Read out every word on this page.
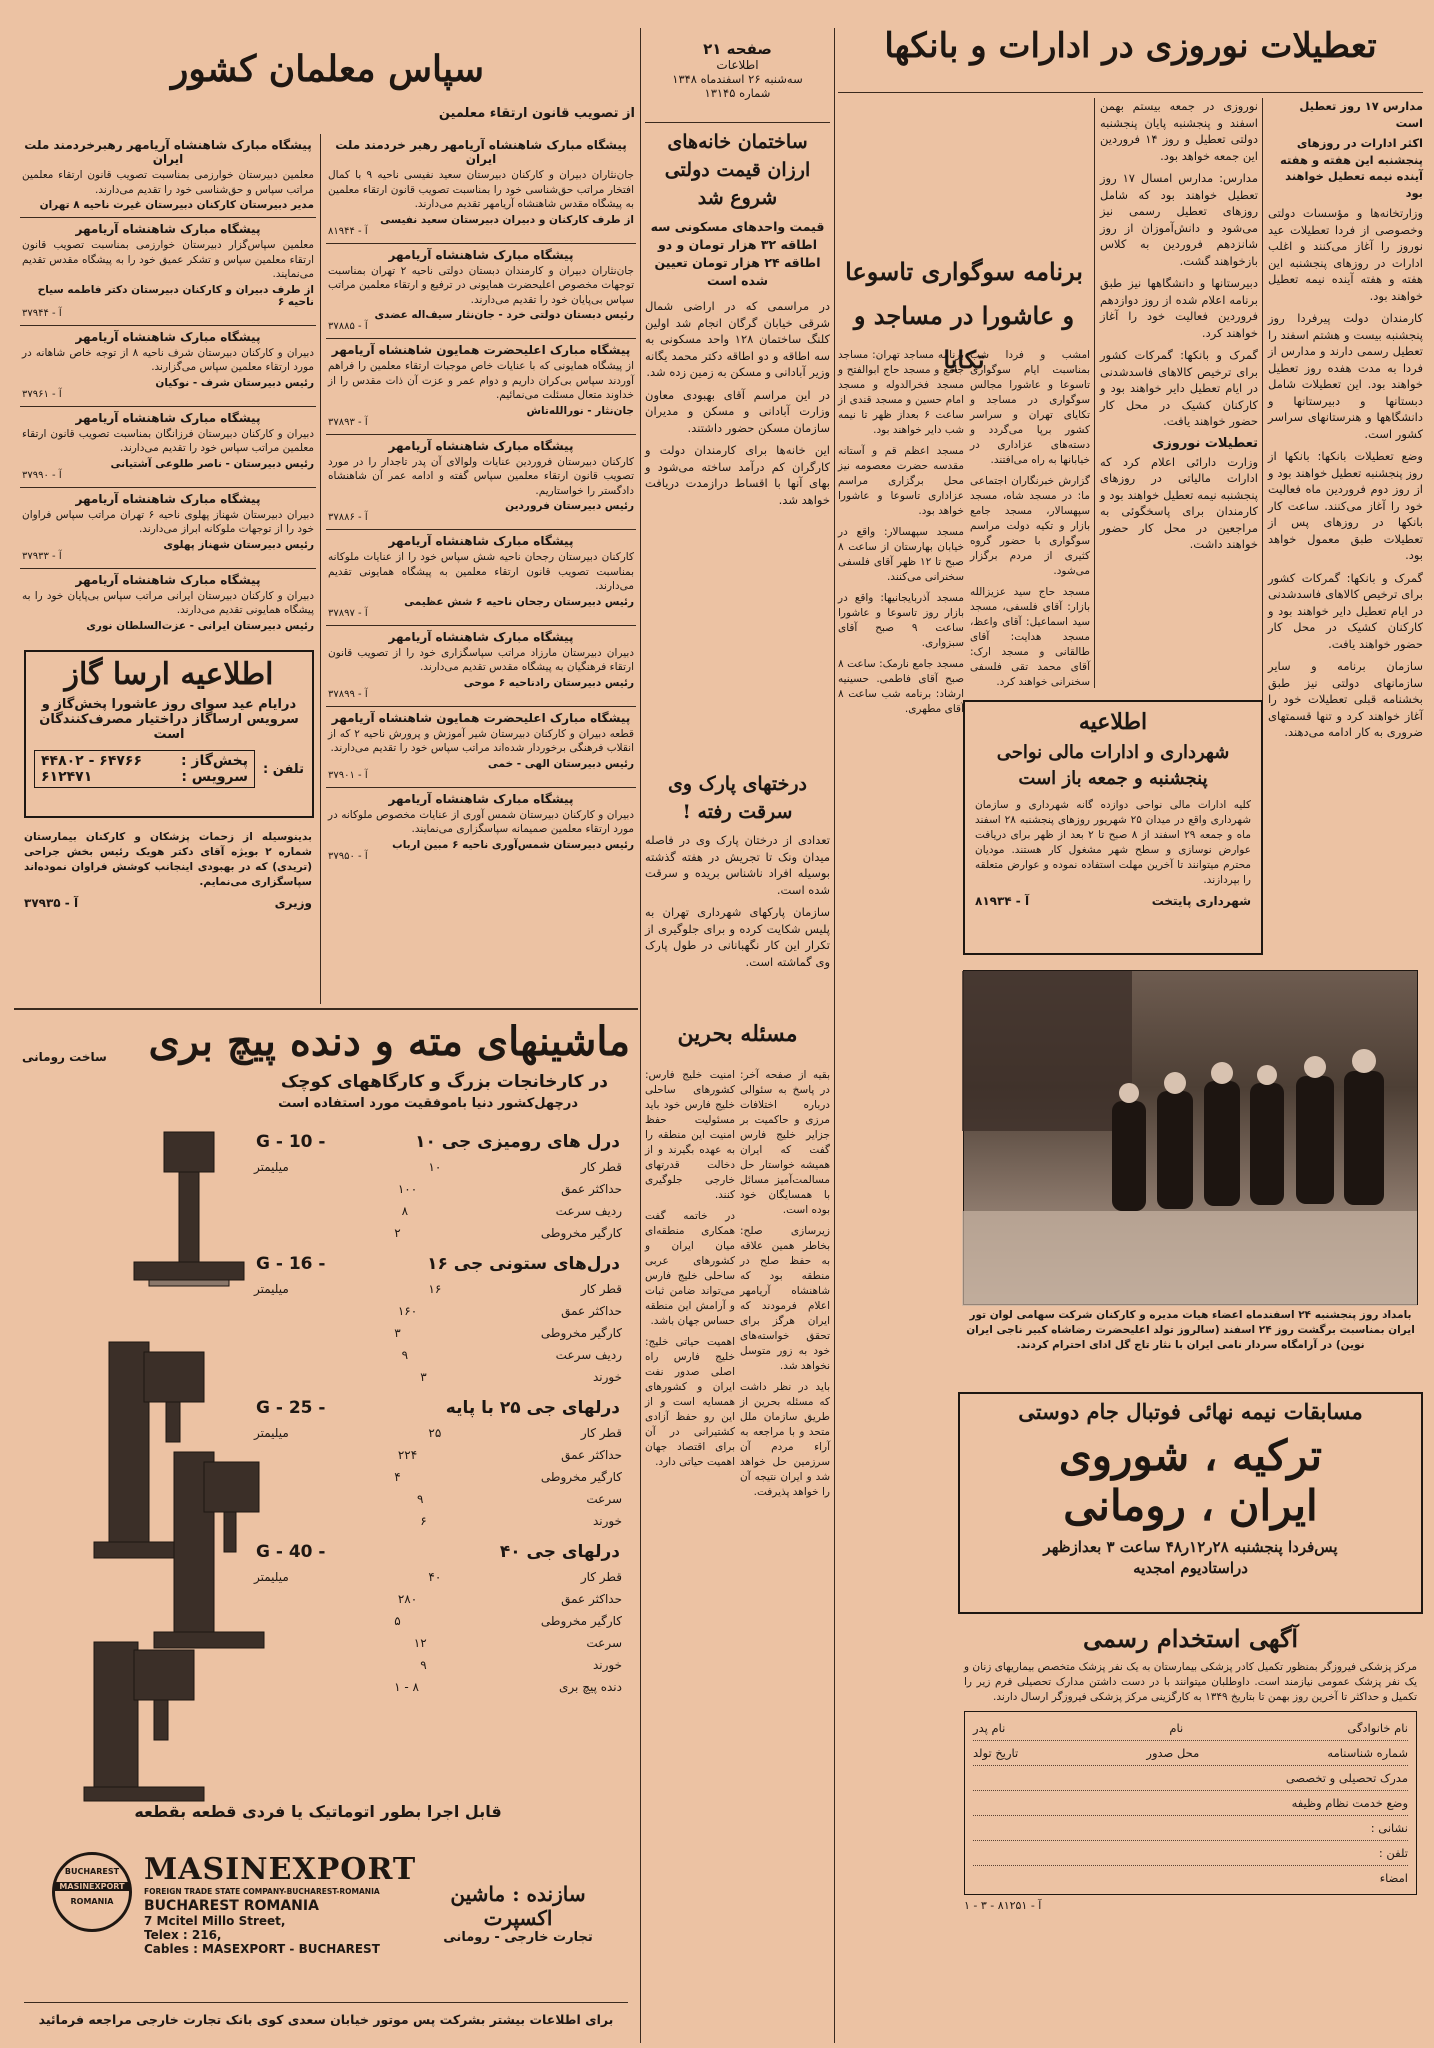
تعطیلات نوروزی در ادارات و بانکها
مدارس ۱۷ روز تعطیل است
اکثر ادارات در روزهای پنجشنبه این هفته و هفته آینده نیمه تعطیل خواهند بود

وزارتخانه‌ها و مؤسسات دولتی وخصوصی از فردا تعطیلات عید نوروز را آغاز می‌کنند و اغلب ادارات در روزهای پنجشنبه این هفته و هفته آینده نیمه تعطیل خواهند بود.

کارمندان دولت پیرفردا روز پنجشنبه بیست و هشتم اسفند را تعطیل رسمی دارند و مدارس از فردا به مدت هفده روز تعطیل خواهند بود. این تعطیلات شامل دبستانها و دبیرستانها و دانشگاهها و هنرستانهای سراسر کشور است.

وضع تعطیلات بانکها: بانکها از روز پنجشنبه تعطیل خواهند بود و از روز دوم فروردین ماه فعالیت خود را آغاز می‌کنند. ساعت کار بانکها در روزهای پس از تعطیلات طبق معمول خواهد بود.

گمرک و بانکها: گمرکات کشور برای ترخیص کالاهای فاسدشدنی در ایام تعطیل دایر خواهند بود و کارکنان کشیک در محل کار حضور خواهند یافت.

سازمان برنامه و سایر سازمانهای دولتی نیز طبق بخشنامه قبلی تعطیلات خود را آغاز خواهند کرد و تنها قسمتهای ضروری به کار ادامه می‌دهند.

نوروزی در جمعه بیستم بهمن اسفند و پنجشنبه پایان پنجشنبه دولتی تعطیل و روز ۱۴ فروردین این جمعه خواهد بود.

مدارس: مدارس امسال ۱۷ روز تعطیل خواهند بود که شامل روزهای تعطیل رسمی نیز می‌شود و دانش‌آموزان از روز شانزدهم فروردین به کلاس بازخواهند گشت.

دبیرستانها و دانشگاهها نیز طبق برنامه اعلام شده از روز دوازدهم فروردین فعالیت خود را آغاز خواهند کرد.

گمرک و بانکها: گمرکات کشور برای ترخیص کالاهای فاسدشدنی در ایام تعطیل دایر خواهند بود و کارکنان کشیک در محل کار حضور خواهند یافت.

تعطیلات نوروزی

وزارت دارائی اعلام کرد که ادارات مالیاتی در روزهای پنجشنبه نیمه تعطیل خواهند بود و کارمندان برای پاسخگوئی به مراجعین در محل کار حضور خواهند داشت.

برنامه سوگواری تاسوعا و عاشورا در مساجد و تکایا

امشب و فردا شب بمناسبت ایام سوگواری تاسوعا و عاشورا مجالس سوگواری در مساجد و تکایای تهران و سراسر کشور برپا می‌گردد و دسته‌های عزاداری در خیابانها به راه می‌افتند.

گزارش خبرنگاران اجتماعی ما: در مسجد شاه، مسجد سپهسالار، مسجد جامع بازار و تکیه دولت مراسم سوگواری با حضور گروه کثیری از مردم برگزار می‌شود.

مسجد حاج سید عزیزالله بازار: آقای فلسفی، مسجد سید اسماعیل: آقای واعظ، مسجد هدایت: آقای طالقانی و مسجد ارک: آقای محمد تقی فلسفی سخنرانی خواهند کرد.

برنامه مساجد تهران: مساجد جامع و مسجد حاج ابوالفتح و مسجد فخرالدوله و مسجد امام حسین و مسجد قندی از ساعت ۶ بعداز ظهر تا نیمه شب دایر خواهند بود.

مسجد اعظم قم و آستانه مقدسه حضرت معصومه نیز محل برگزاری مراسم عزاداری تاسوعا و عاشورا خواهد بود.

مسجد سپهسالار: واقع در خیابان بهارستان از ساعت ۸ صبح تا ۱۲ ظهر آقای فلسفی سخنرانی می‌کنند.

مسجد آذربایجانیها: واقع در بازار روز تاسوعا و عاشورا ساعت ۹ صبح آقای سبزواری.

مسجد جامع نارمک: ساعت ۸ صبح آقای فاطمی. حسینیه ارشاد: برنامه شب ساعت ۸ آقای مطهری.	اطلاعیه
شهرداری و ادارات مالی نواحی پنجشنبه و جمعه باز است

کلیه ادارات مالی نواحی دوازده گانه شهرداری و سازمان شهرداری واقع در میدان ۲۵ شهریور روزهای پنجشنبه ۲۸ اسفند ماه و جمعه ۲۹ اسفند از ۸ صبح تا ۲ بعد از ظهر برای دریافت عوارض نوسازی و سطح شهر مشغول کار هستند. مودیان محترم میتوانند تا آخرین مهلت استفاده نموده و عوارض متعلقه را بپردازند.

شهرداری پایتخت
آ - ۸۱۹۳۴

بامداد روز پنجشنبه ۲۴ اسفندماه اعضاء هیات مدیره و کارکنان شرکت سهامی لوان تور ایران بمناسبت برگشت روز ۲۴ اسفند (سالروز تولد اعلیحضرت رضاشاه کبیر ناجی ایران نوین) در آرامگاه سردار نامی ایران با نثار تاج گل ادای احترام کردند.

مسابقات نیمه نهائی فوتبال جام دوستی
ترکیه ، شوروی
ایران ، رومانی
پس‌فردا پنجشنبه ۲۸ر۱۲ر۴۸ ساعت ۳ بعدازظهر
دراستادیوم امجدیه
آگهی استخدام رسمی

مرکز پزشکی فیروزگر بمنظور تکمیل کادر پزشکی بیمارستان به یک نفر پزشک متخصص بیماریهای زنان و یک نفر پزشک عمومی نیازمند است. داوطلبان میتوانند با در دست داشتن مدارک تحصیلی فرم زیر را تکمیل و حداکثر تا آخرین روز بهمن تا بتاریخ ۱۳۴۹ به کارگزینی مرکز پزشکی فیروزگر ارسال دارند.

نام خانوادگی
نام
نام پدر
شماره شناسنامه
محل صدور
تاریخ تولد
مدرک تحصیلی و تخصصی
وضع خدمت نظام وظیفه
نشانی :
تلفن :
امضاء
آ - ۸۱۲۵۱ - ۳ - ۱
صفحه ۲۱
اطلاعات
سه‌شنبه ۲۶ اسفندماه ۱۳۴۸
شماره ۱۳۱۴۵
ساختمان خانه‌های ارزان قیمت دولتی شروع شد
قیمت واحدهای مسکونی سه اطاقه ۳۲ هزار تومان و دو اطاقه ۲۴ هزار تومان تعیین شده است

در مراسمی که در اراضی شمال شرقی خیابان گرگان انجام شد اولین کلنگ ساختمان ۱۲۸ واحد مسکونی به سه اطاقه و دو اطاقه دکتر محمد یگانه وزیر آبادانی و مسکن به زمین زده شد.

در این مراسم آقای بهبودی معاون وزارت آبادانی و مسکن و مدیران سازمان مسکن حضور داشتند.

این خانه‌ها برای کارمندان دولت و کارگران کم درآمد ساخته می‌شود و بهای آنها با اقساط درازمدت دریافت خواهد شد.

درختهای پارک وی سرقت رفته !

تعدادی از درختان پارک وی در فاصله میدان ونک تا تجریش در هفته گذشته بوسیله افراد ناشناس بریده و سرقت شده است.

سازمان پارکهای شهرداری تهران به پلیس شکایت کرده و برای جلوگیری از تکرار این کار نگهبانانی در طول پارک وی گماشته است.

مسئله بحرین

بقیه از صفحه آخر: در پاسخ به سئوالی درباره اختلافات مرزی و حاکمیت بر جزایر خلیج فارس گفت که ایران همیشه خواستار حل مسالمت‌آمیز مسائل با همسایگان خود بوده است.

زیرسازی صلح: بخاطر همین علاقه به حفظ صلح در منطقه بود که شاهنشاه آریامهر اعلام فرمودند که ایران هرگز برای تحقق خواسته‌های خود به زور متوسل نخواهد شد.

باید در نظر داشت که مسئله بحرین از طریق سازمان ملل متحد و با مراجعه به آراء مردم آن سرزمین حل خواهد شد و ایران نتیجه آن را خواهد پذیرفت.

امنیت خلیج فارس: کشورهای ساحلی خلیج فارس خود باید مسئولیت حفظ امنیت این منطقه را به عهده بگیرند و از دخالت قدرتهای خارجی جلوگیری کنند.

در خاتمه گفت همکاری منطقه‌ای میان ایران و کشورهای عربی ساحلی خلیج فارس می‌تواند ضامن ثبات و آرامش این منطقه حساس جهان باشد.

اهمیت حیاتی خلیج: خلیج فارس راه اصلی صدور نفت ایران و کشورهای همسایه است و از این رو حفظ آزادی کشتیرانی در آن برای اقتصاد جهان اهمیت حیاتی دارد.

سپاس معلمان کشور
از تصویب قانون ارتقاء معلمین
پیشگاه مبارک شاهنشاه آریامهر رهبر خردمند ملت ایران
جان‌نثاران دبیران و کارکنان دبیرستان سعید نفیسی ناحیه ۹ با کمال افتخار مراتب حق‌شناسی خود را بمناسبت تصویب قانون ارتقاء معلمین به پیشگاه مقدس شاهنشاه آریامهر تقدیم می‌دارند.
از طرف کارکنان و دبیران دبیرستان سعید نفیسی
آ - ۸۱۹۴۴
پیشگاه مبارک شاهنشاه آریامهر
جان‌نثاران دبیران و کارمندان دبستان دولتی ناحیه ۲ تهران بمناسبت توجهات مخصوص اعلیحضرت همایونی در ترفیع و ارتقاء معلمین مراتب سپاس بی‌پایان خود را تقدیم می‌دارند.
رئیس دبستان دولتی خرد - جان‌نثار سیف‌اله عضدی
آ - ۳۷۸۸۵
پیشگاه مبارک اعلیحضرت همایون شاهنشاه آریامهر
از پیشگاه همایونی که با عنایات خاص موجبات ارتقاء معلمین را فراهم آوردند سپاس بی‌کران داریم و دوام عمر و عزت آن ذات مقدس را از خداوند متعال مسئلت می‌نمائیم.
جان‌نثار - نورالله‌تاش
آ - ۳۷۸۹۳
پیشگاه مبارک شاهنشاه آریامهر
کارکنان دبیرستان فروردین عنایات ولوالای آن پدر تاجدار را در مورد تصویب قانون ارتقاء معلمین سپاس گفته و ادامه عمر آن شاهنشاه دادگستر را خواستاریم.
رئیس دبیرستان فروردین
آ - ۳۷۸۸۶
پیشگاه مبارک شاهنشاه آریامهر
کارکنان دبیرستان رجحان ناحیه شش سپاس خود را از عنایات ملوکانه بمناسبت تصویب قانون ارتقاء معلمین به پیشگاه همایونی تقدیم می‌دارند.
رئیس دبیرستان رجحان ناحیه ۶ شش عظیمی
آ - ۳۷۸۹۷
پیشگاه مبارک شاهنشاه آریامهر
دبیران دبیرستان مارزاد مراتب سپاسگزاری خود را از تصویب قانون ارتقاء فرهنگیان به پیشگاه مقدس تقدیم می‌دارند.
رئیس دبیرستان رادناحیه ۶ موحی
آ - ۳۷۸۹۹
پیشگاه مبارک اعلیحضرت همایون شاهنشاه آریامهر
قطعه دبیران و کارکنان دبیرستان شیر آموزش و پرورش ناحیه ۲ که از انقلاب فرهنگی برخوردار شده‌اند مراتب سپاس خود را تقدیم می‌دارند.
رئیس دبیرستان الهی - خمی
آ - ۳۷۹۰۱
پیشگاه مبارک شاهنشاه آریامهر
دبیران و کارکنان دبیرستان شمس آوری از عنایات مخصوص ملوکانه در مورد ارتقاء معلمین صمیمانه سپاسگزاری می‌نمایند.
رئیس دبیرستان شمس‌آوری ناحیه ۶ مبین ارباب
آ - ۳۷۹۵۰
پیشگاه مبارک شاهنشاه آریامهر رهبرخردمند ملت ایران
معلمین دبیرستان خوارزمی بمناسبت تصویب قانون ارتقاء معلمین مراتب سپاس و حق‌شناسی خود را تقدیم می‌دارند.
مدیر دبیرستان کارکنان دبیرستان غیرت ناحیه ۸ تهران
پیشگاه مبارک شاهنشاه آریامهر
معلمین سپاس‌گزار دبیرستان خوارزمی بمناسبت تصویب قانون ارتقاء معلمین سپاس و تشکر عمیق خود را به پیشگاه مقدس تقدیم می‌نمایند.
از طرف دبیران و کارکنان دبیرستان دکتر فاطمه سیاح ناحیه ۶
آ - ۳۷۹۴۴
پیشگاه مبارک شاهنشاه آریامهر
دبیران و کارکنان دبیرستان شرف ناحیه ۸ از توجه خاص شاهانه در مورد ارتقاء معلمین سپاس می‌گزارند.
رئیس دبیرستان شرف - نوکیان
آ - ۳۷۹۶۱
پیشگاه مبارک شاهنشاه آریامهر
دبیران و کارکنان دبیرستان فرزانگان بمناسبت تصویب قانون ارتقاء معلمین مراتب سپاس خود را تقدیم می‌دارند.
رئیس دبیرستان - ناصر طلوعی آشتیانی
آ - ۳۷۹۹۰
پیشگاه مبارک شاهنشاه آریامهر
دبیران دبیرستان شهناز پهلوی ناحیه ۶ تهران مراتب سپاس فراوان خود را از توجهات ملوکانه ابراز می‌دارند.
رئیس دبیرستان شهناز پهلوی
آ - ۳۷۹۳۳
پیشگاه مبارک شاهنشاه آریامهر
دبیران و کارکنان دبیرستان ایرانی مراتب سپاس بی‌پایان خود را به پیشگاه همایونی تقدیم می‌دارند.
رئیس دبیرستان ایرانی - عزت‌السلطان نوری
اطلاعیه ارسا گاز
درایام عید سوای روز عاشورا پخش‌گاز و
سرویس ارساگاز دراختیار مصرف‌کنندگان است
تلفن :
پخش‌گاز :
۶۴۷۶۶ - ۴۴۸۰۲
سرویس :
۶۱۲۴۷۱

بدینوسیله از زحمات پزشکان و کارکنان بیمارستان شماره ۲ بویژه آقای دکتر هویک رئیس بخش جراحی (تریدی) که در بهبودی اینجانب کوشش فراوان نموده‌اند سپاسگزاری می‌نمایم.

وزیری
آ - ۳۷۹۳۵
ماشینهای مته و دنده پیچ بری
ساخت رومانی
در کارخانجات بزرگ و کارگاههای کوچک
درچهل‌کشور دنیا باموفقیت مورد استفاده است
درل های رومیزی جی ۱۰
G - 10 -
قطر کار
۱۰
میلیمتر
حداکثر عمق
۱۰۰
ردیف سرعت
۸
کارگیر مخروطی
۲
درل‌های ستونی جی ۱۶
G - 16 -
قطر کار
۱۶
میلیمتر
حداکثر عمق
۱۶۰
کارگیر مخروطی
۳
ردیف سرعت
۹
خورند
۳
درلهای جی ۲۵ با پایه
G - 25 -
قطر کار
۲۵
میلیمتر
حداکثر عمق
۲۲۴
کارگیر مخروطی
۴
سرعت
۹
خورند
۶
درلهای جی ۴۰
G - 40 -
قطر کار
۴۰
میلیمتر
حداکثر عمق
۲۸۰
کارگیر مخروطی
۵
سرعت
۱۲
خورند
۹
دنده پیچ بری
۸ - ۱
قابل اجرا بطور اتوماتیک یا فردی قطعه بقطعه
BUCHAREST
MASINEXPORT
ROMANIA
MASINEXPORT
FOREIGN TRADE STATE COMPANY-BUCHAREST-ROMANIA
BUCHAREST ROMANIA
7 Mcitel Millo Street,
Telex : 216,
Cables : MASEXPORT - BUCHAREST
سازنده : ماشین اکسپرت
تجارت خارجی - رومانی
برای اطلاعات بیشتر بشرکت پس موتور خیابان سعدی کوی بانک تجارت خارجی مراجعه فرمائید
